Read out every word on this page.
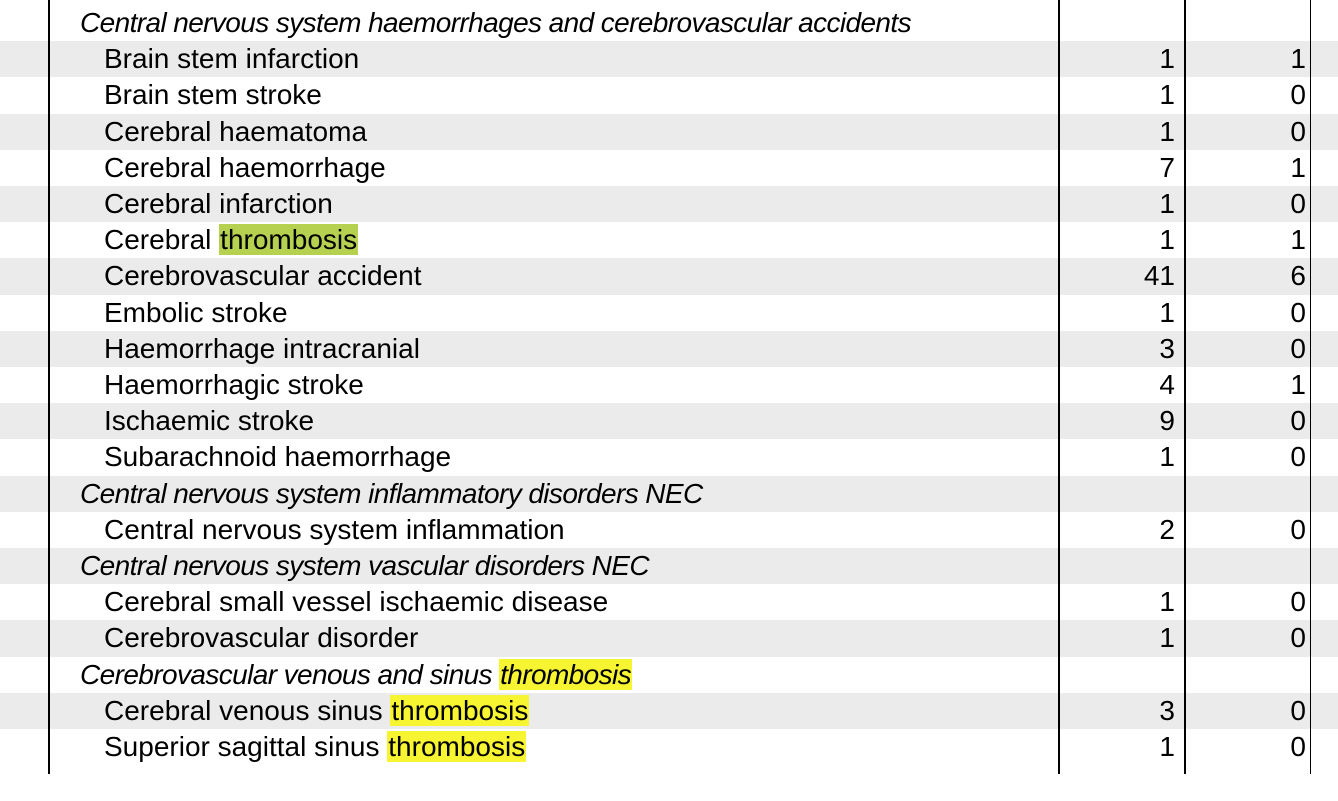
Central nervous system haemorrhages and cerebrovascular accidents
Brain stem infarction	1	1
Brain stem stroke	1	0
Cerebral haematoma	1	0
Cerebral haemorrhage	7	1
Cerebral infarction	1	0
Cerebral thrombosis	1	1
Cerebrovascular accident	41	6
Embolic stroke	1	0
Haemorrhage intracranial	3	0
Haemorrhagic stroke	4	1
Ischaemic stroke	9	0
Subarachnoid haemorrhage	1	0
Central nervous system inflammatory disorders NEC
Central nervous system inflammation	2	0
Central nervous system vascular disorders NEC
Cerebral small vessel ischaemic disease	1	0
Cerebrovascular disorder	1	0
Cerebrovascular venous and sinus thrombosis
Cerebral venous sinus thrombosis	3	0
Superior sagittal sinus thrombosis	1	0
